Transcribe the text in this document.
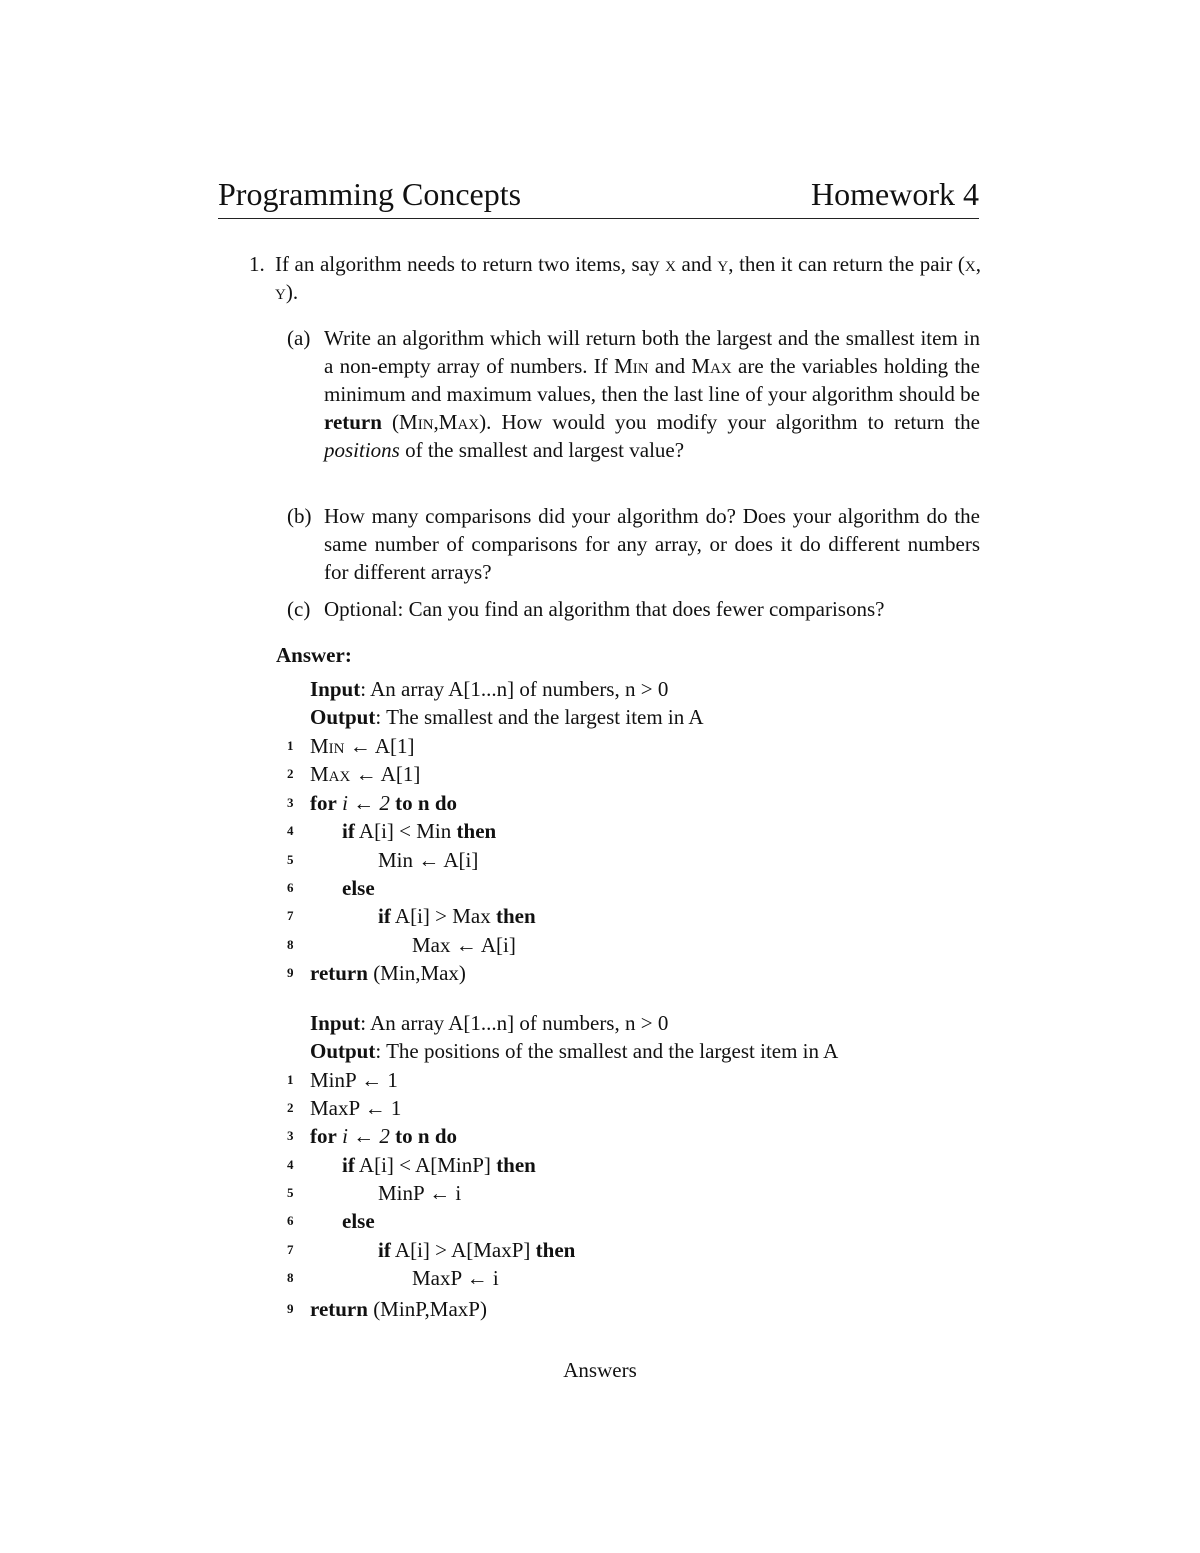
Programming Concepts	Homework 4
1. If an algorithm needs to return two items, say x and y, then it can return the pair (x, y).
(a) Write an algorithm which will return both the largest and the smallest item in a non-empty array of numbers. If Min and Max are the variables holding the minimum and maximum values, then the last line of your algorithm should be return (Min,Max). How would you modify your algorithm to return the positions of the smallest and largest value?
(b) How many comparisons did your algorithm do? Does your algorithm do the same number of comparisons for any array, or does it do different numbers for different arrays?
(c) Optional: Can you find an algorithm that does fewer comparisons?
Answer:
Input: An array A[1...n] of numbers, n > 0
Output: The smallest and the largest item in A
1 Min ← A[1]
2 Max ← A[1]
3 for i ← 2 to n do
4 if A[i] < Min then
5	Min ← A[i]
6 else
7	if A[i] > Max then
8	Max ← A[i]
9 return (Min,Max)
Input: An array A[1...n] of numbers, n > 0
Output: The positions of the smallest and the largest item in A
1 MinP ← 1
2 MaxP ← 1
3 for i ← 2 to n do
4 if A[i] < A[MinP] then
5	MinP ← i
6 else
7	if A[i] > A[MaxP] then
8	MaxP ← i
9 return (MinP,MaxP)
Answers
